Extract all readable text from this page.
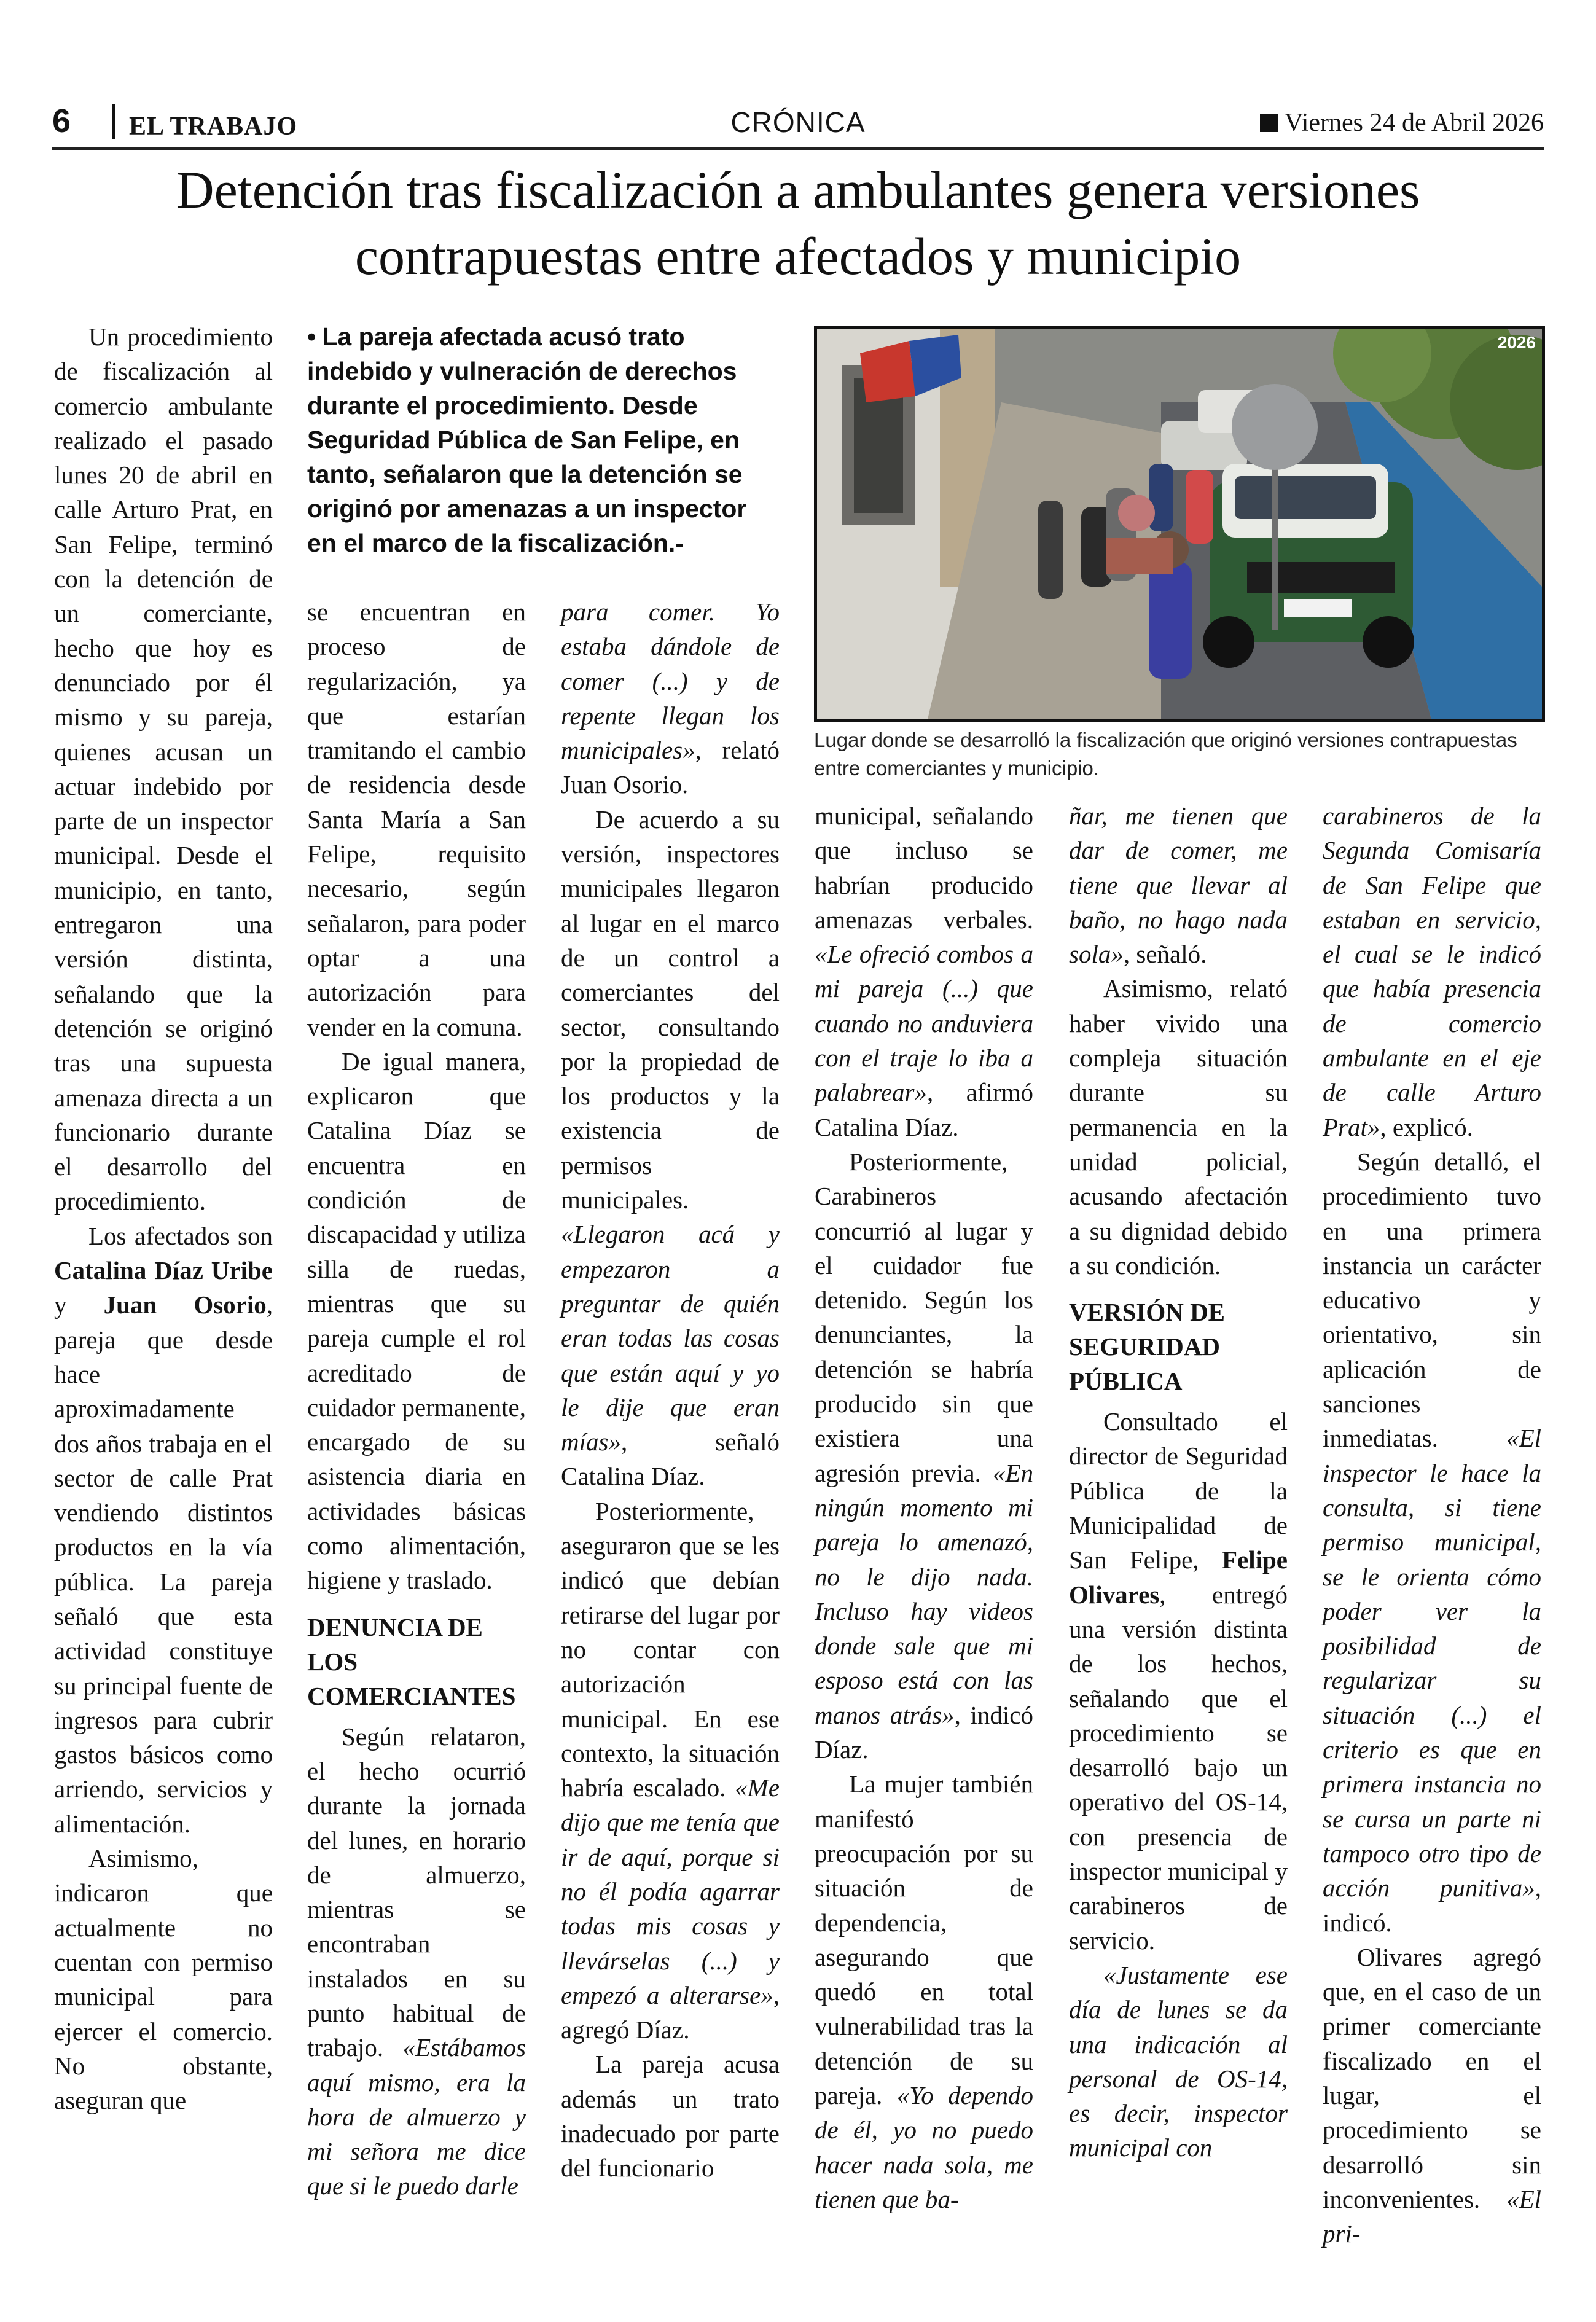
6 EL TRABAJO	CRÓNICA	Viernes 24 de Abril 2026
Detención tras fiscalización a ambulantes genera versiones contrapuestas entre afectados y municipio
• La pareja afectada acusó trato indebido y vulneración de derechos durante el procedimiento. Desde Seguridad Pública de San Felipe, en tanto, señalaron que la detención se originó por amenazas a un inspector en el marco de la fiscalización.-
2026
Lugar donde se desarrolló la fiscalización que originó versiones contrapuestas entre comerciantes y municipio.

Un procedimiento de fiscalización al comercio ambulante realizado el pasado lunes 20 de abril en calle Arturo Prat, en San Felipe, terminó con la detención de un comerciante, hecho que hoy es denunciado por él mismo y su pareja, quienes acusan un actuar indebido por parte de un inspector municipal. Desde el municipio, en tanto, entregaron una versión distinta, señalando que la detención se originó tras una supuesta amenaza directa a un funcionario durante el desarrollo del procedimiento.

Los afectados son Catalina Díaz Uribe y Juan Osorio, pareja que desde hace aproximadamente dos años trabaja en el sector de calle Prat vendiendo distintos productos en la vía pública. La pareja señaló que esta actividad constituye su principal fuente de ingresos para cubrir gastos básicos como arriendo, servicios y alimentación.

Asimismo, indicaron que actualmente no cuentan con permiso municipal para ejercer el comercio. No obstante, aseguran que

se encuentran en proceso de regularización, ya que estarían tramitando el cambio de residencia desde Santa María a San Felipe, requisito necesario, según señalaron, para poder optar a una autorización para vender en la comuna.

De igual manera, explicaron que Catalina Díaz se encuentra en condición de discapacidad y utiliza silla de ruedas, mientras que su pareja cumple el rol acreditado de cuidador permanente, encargado de su asistencia diaria en actividades básicas como alimentación, higiene y traslado.

DENUNCIA DE LOS COMERCIANTES

Según relataron, el hecho ocurrió durante la jornada del lunes, en horario de almuerzo, mientras se encontraban instalados en su punto habitual de trabajo. «Estábamos aquí mismo, era la hora de almuerzo y mi señora me dice que si le puedo darle

para comer. Yo estaba dándole de comer (...) y de repente llegan los municipales», relató Juan Osorio.

De acuerdo a su versión, inspectores municipales llegaron al lugar en el marco de un control a comerciantes del sector, consultando por la propiedad de los productos y la existencia de permisos municipales. «Llegaron acá y empezaron a preguntar de quién eran todas las cosas que están aquí y yo le dije que eran mías», señaló Catalina Díaz.

Posteriormente, aseguraron que se les indicó que debían retirarse del lugar por no contar con autorización municipal. En ese contexto, la situación habría escalado. «Me dijo que me tenía que ir de aquí, porque si no él podía agarrar todas mis cosas y llevárselas (...) y empezó a alterarse», agregó Díaz.

La pareja acusa además un trato inadecuado por parte del funcionario

municipal, señalando que incluso se habrían producido amenazas verbales. «Le ofreció combos a mi pareja (...) que cuando no anduviera con el traje lo iba a palabrear», afirmó Catalina Díaz.

Posteriormente, Carabineros concurrió al lugar y el cuidador fue detenido. Según los denunciantes, la detención se habría producido sin que existiera una agresión previa. «En ningún momento mi pareja lo amenazó, no le dijo nada. Incluso hay videos donde sale que mi esposo está con las manos atrás», indicó Díaz.

La mujer también manifestó preocupación por su situación de dependencia, asegurando que quedó en total vulnerabilidad tras la detención de su pareja. «Yo dependo de él, yo no puedo hacer nada sola, me tienen que ba-

ñar, me tienen que dar de comer, me tiene que llevar al baño, no hago nada sola», señaló.

Asimismo, relató haber vivido una compleja situación durante su permanencia en la unidad policial, acusando afectación a su dignidad debido a su condición.

VERSIÓN DE SEGURIDAD PÚBLICA

Consultado el director de Seguridad Pública de la Municipalidad de San Felipe, Felipe Olivares, entregó una versión distinta de los hechos, señalando que el procedimiento se desarrolló bajo un operativo del OS-14, con presencia de inspector municipal y carabineros de servicio.

«Justamente ese día de lunes se da una indicación al personal de OS-14, es decir, inspector municipal con

carabineros de la Segunda Comisaría de San Felipe que estaban en servicio, el cual se le indicó que había presencia de comercio ambulante en el eje de calle Arturo Prat», explicó.

Según detalló, el procedimiento tuvo en una primera instancia un carácter educativo y orientativo, sin aplicación de sanciones inmediatas. «El inspector le hace la consulta, si tiene permiso municipal, se le orienta cómo poder ver la posibilidad de regularizar su situación (...) el criterio es que en primera instancia no se cursa un parte ni tampoco otro tipo de acción punitiva», indicó.

Olivares agregó que, en el caso de un primer comerciante fiscalizado en el lugar, el procedimiento se desarrolló sin inconvenientes. «El pri-
